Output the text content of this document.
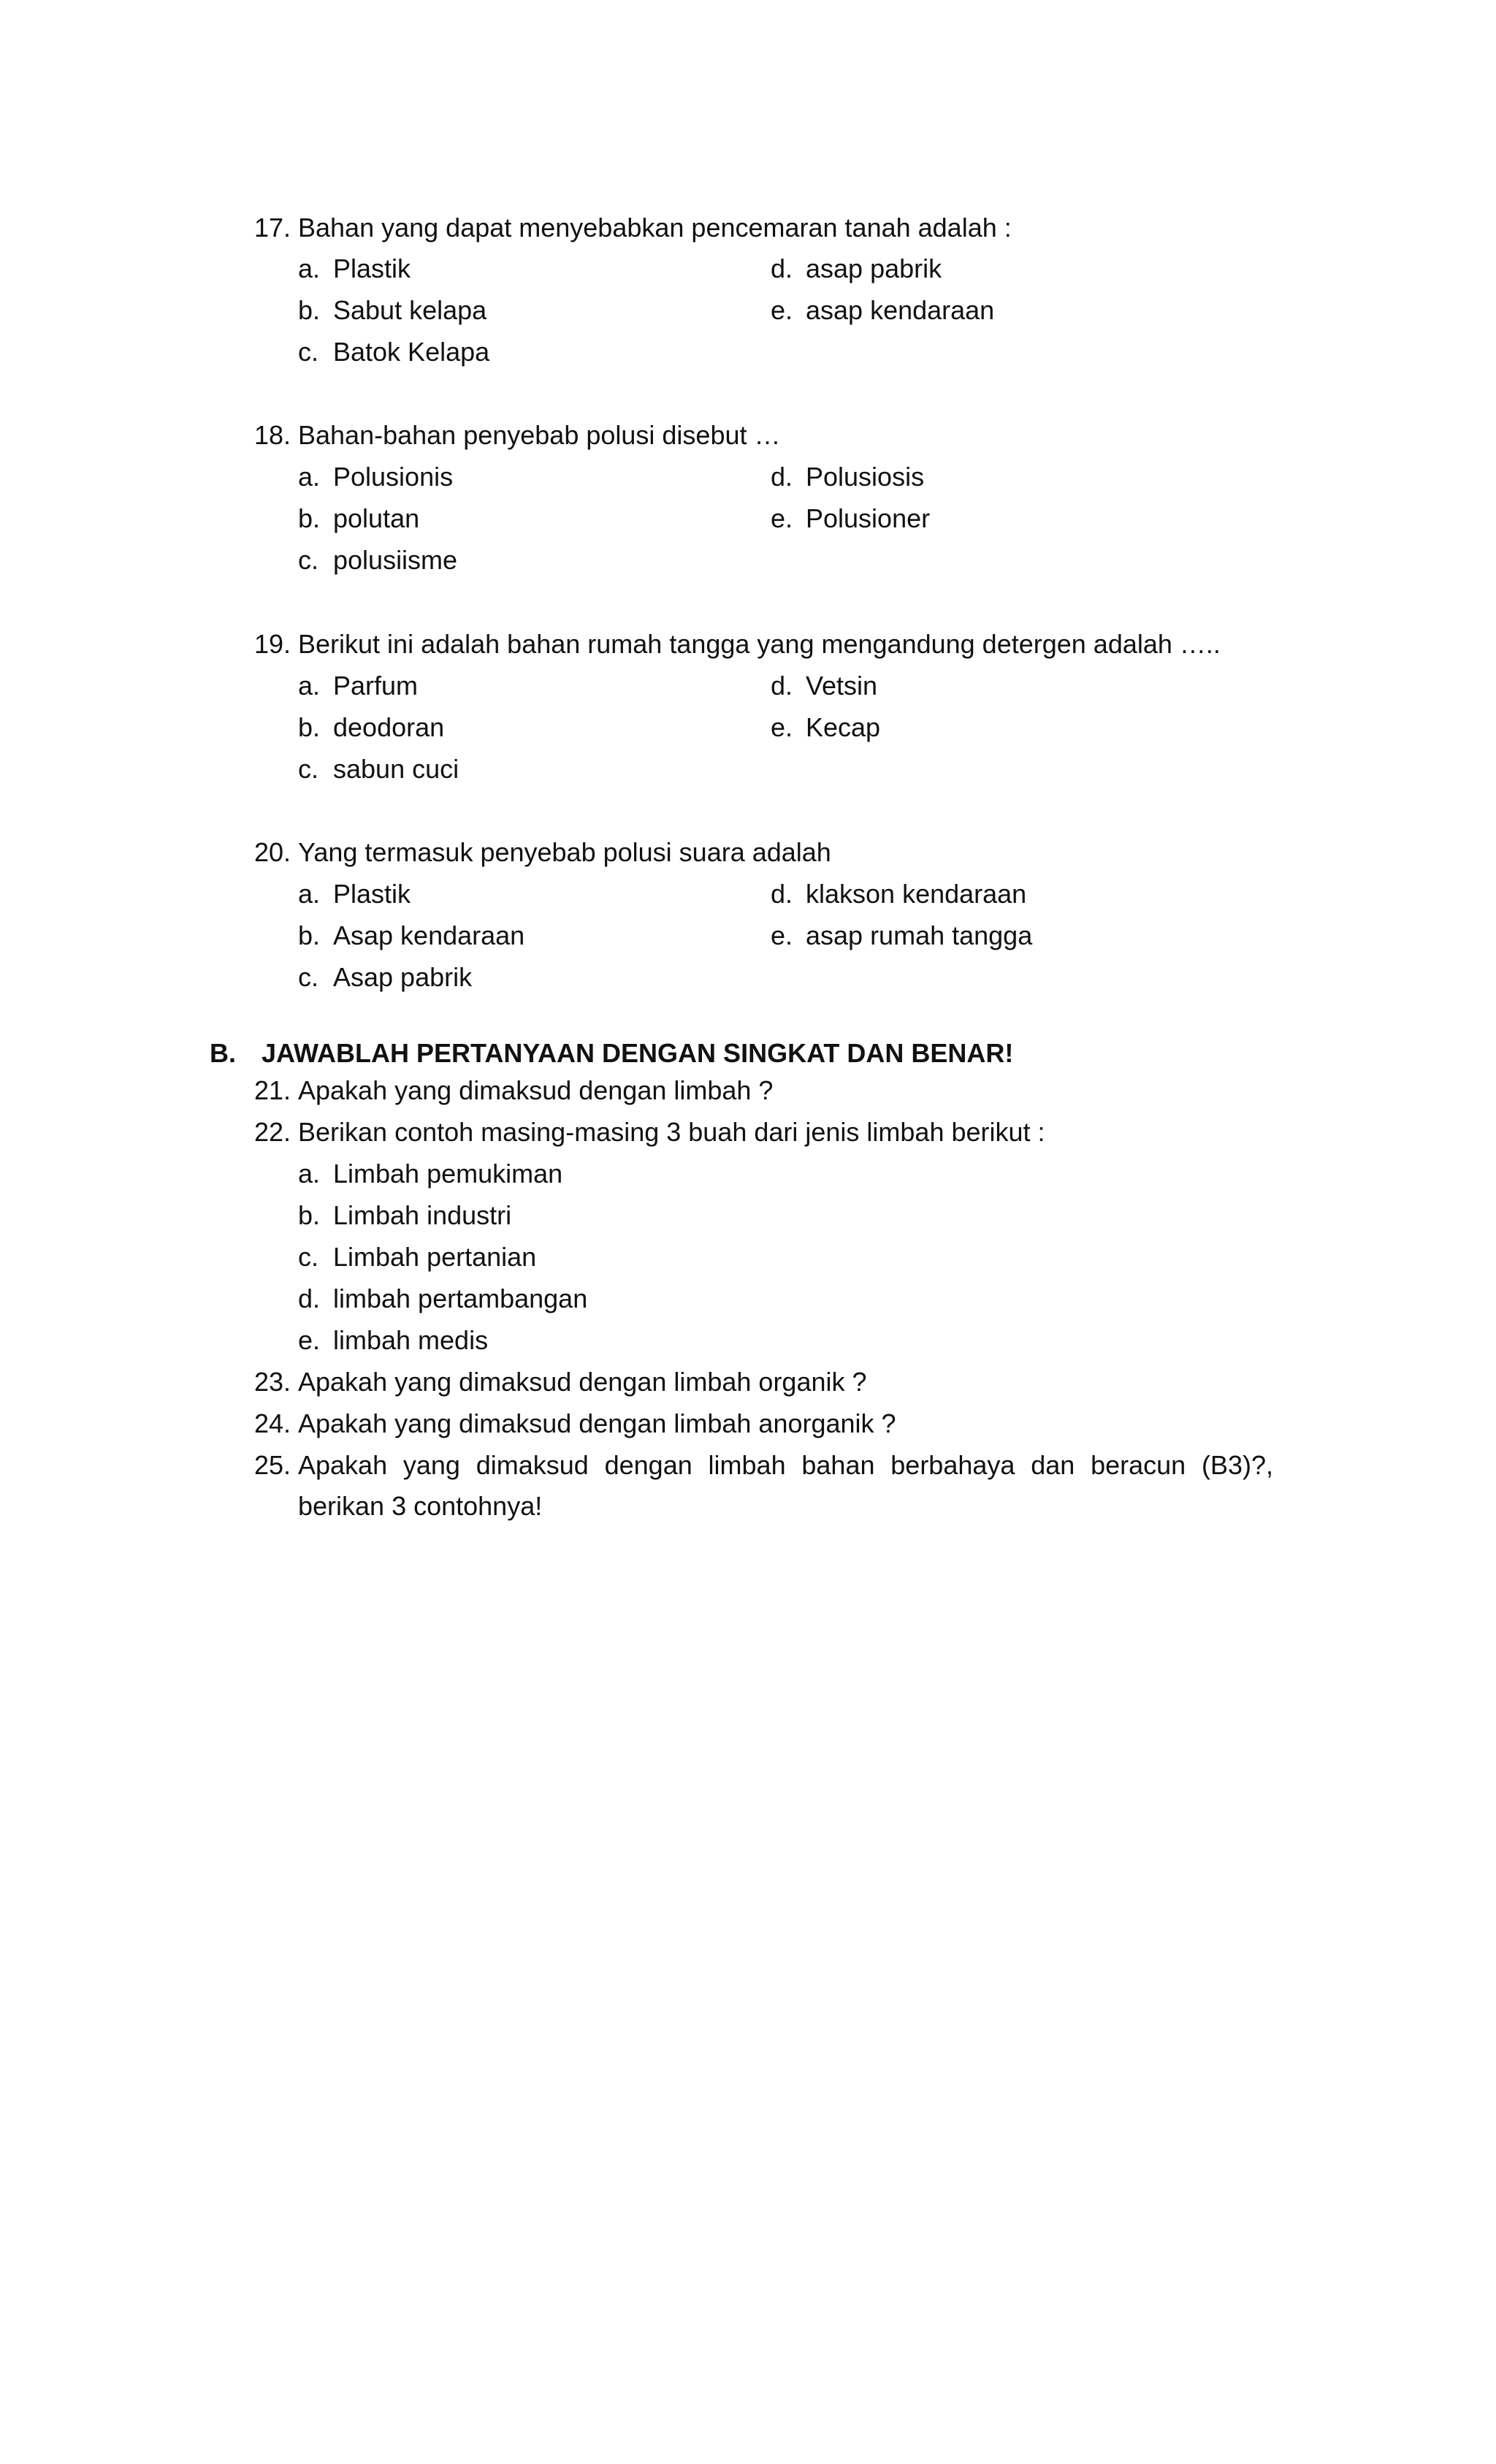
17. Bahan yang dapat menyebabkan pencemaran tanah adalah :
a. Plastik
b. Sabut kelapa
c. Batok Kelapa
d. asap pabrik
e. asap kendaraan
18. Bahan-bahan penyebab polusi disebut …
a. Polusionis
b. polutan
c. polusiisme
d. Polusiosis
e. Polusioner
19. Berikut ini adalah bahan rumah tangga yang mengandung detergen adalah …..
a. Parfum
b. deodoran
c. sabun cuci
d. Vetsin
e. Kecap
20. Yang termasuk penyebab polusi suara adalah
a. Plastik
b. Asap kendaraan
c. Asap pabrik
d. klakson kendaraan
e. asap rumah tangga
B. JAWABLAH PERTANYAAN DENGAN SINGKAT DAN BENAR!
21. Apakah yang dimaksud dengan limbah ?
22. Berikan contoh masing-masing 3 buah dari jenis limbah berikut :
a. Limbah pemukiman
b. Limbah industri
c. Limbah pertanian
d. limbah pertambangan
e. limbah medis
23. Apakah yang dimaksud dengan limbah organik ?
24. Apakah yang dimaksud dengan limbah anorganik ?
25. Apakah yang dimaksud dengan limbah bahan berbahaya dan beracun (B3)?, berikan 3 contohnya!
